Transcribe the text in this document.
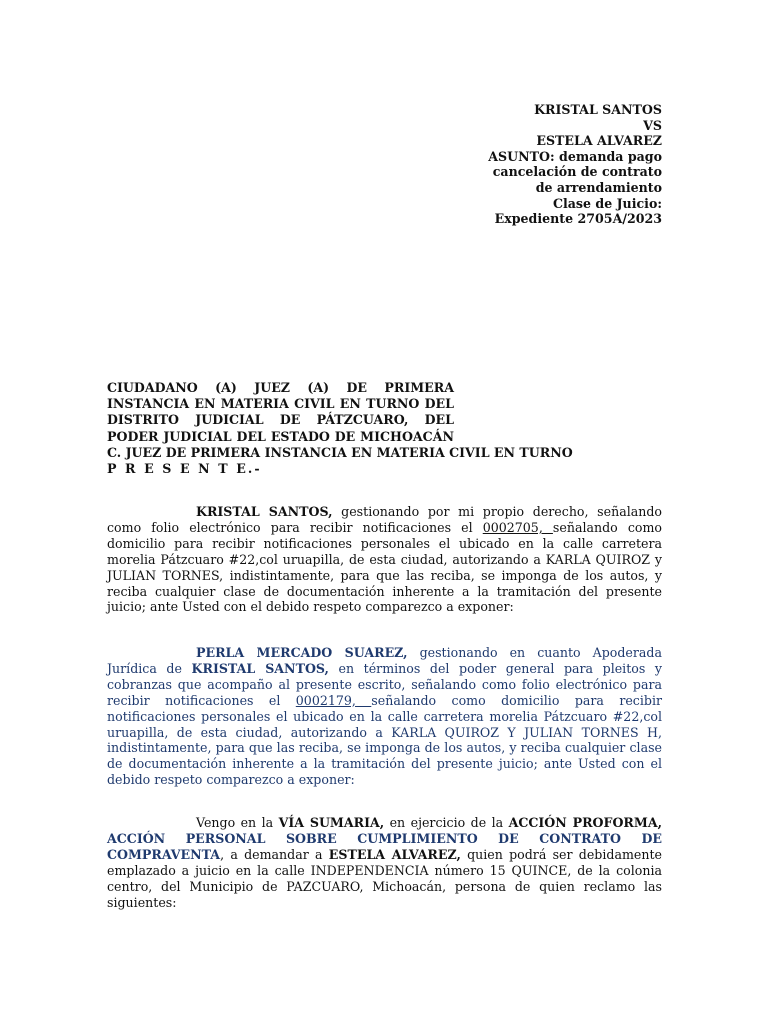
KRISTAL SANTOS
VS
ESTELA ALVAREZ
ASUNTO: demanda pago
cancelación de contrato
de arrendamiento
Clase de Juicio:
Expediente 2705A/2023
CIUDADANO (A) JUEZ (A) DE PRIMERA
INSTANCIA EN MATERIA CIVIL EN TURNO DEL
DISTRITO JUDICIAL DE PÁTZCUARO, DEL
PODER JUDICIAL DEL ESTADO DE MICHOACÁN
C. JUEZ DE PRIMERA INSTANCIA EN MATERIA CIVIL EN TURNO
P R E S E N T E.-
KRISTAL SANTOS, gestionando por mi propio derecho, señalando como folio electrónico para recibir notificaciones el 0002705, señalando como domicilio para recibir notificaciones personales el ubicado en la calle carretera morelia Pátzcuaro #22,col uruapilla, de esta ciudad, autorizando a KARLA QUIROZ y JULIAN TORNES, indistintamente, para que las reciba, se imponga de los autos, y reciba cualquier clase de documentación inherente a la tramitación del presente juicio; ante Usted con el debido respeto comparezco a exponer:
PERLA MERCADO SUAREZ, gestionando en cuanto Apoderada Jurídica de KRISTAL SANTOS, en términos del poder general para pleitos y cobranzas que acompaño al presente escrito, señalando como folio electrónico para recibir notificaciones el 0002179, señalando como domicilio para recibir notificaciones personales el ubicado en la calle carretera morelia Pátzcuaro #22,col uruapilla, de esta ciudad, autorizando a KARLA QUIROZ Y JULIAN TORNES H, indistintamente, para que las reciba, se imponga de los autos, y reciba cualquier clase de documentación inherente a la tramitación del presente juicio; ante Usted con el debido respeto comparezco a exponer:
Vengo en la VÍA SUMARIA, en ejercicio de la ACCIÓN PROFORMA, ACCIÓN PERSONAL SOBRE CUMPLIMIENTO DE CONTRATO DE COMPRAVENTA, a demandar a ESTELA ALVAREZ, quien podrá ser debidamente emplazado a juicio en la calle INDEPENDENCIA número 15 QUINCE, de la colonia centro, del Municipio de PAZCUARO, Michoacán, persona de quien reclamo las siguientes:
